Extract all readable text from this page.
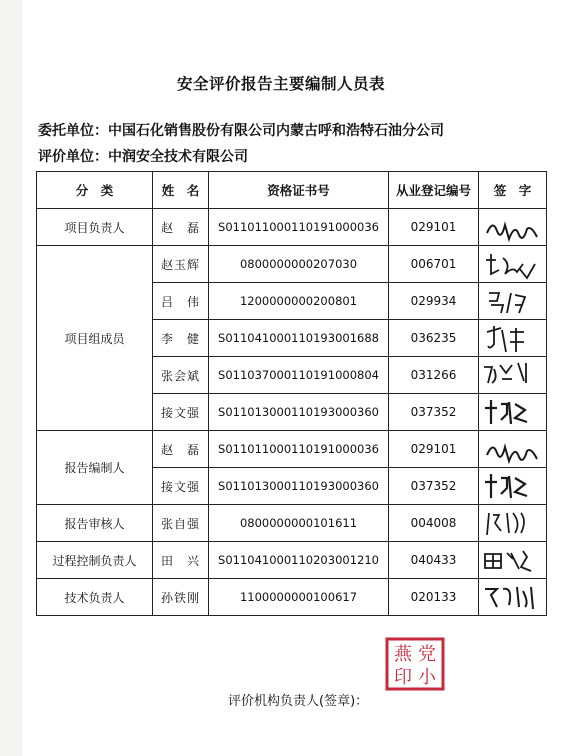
安全评价报告主要编制人员表
委托单位：中国石化销售股份有限公司内蒙古呼和浩特石油分公司
评价单位：中润安全技术有限公司
分　类	姓　名	资格证书号	从业登记编号	签　字
项目负责人	赵　磊	S011011000110191000036	029101	

项目组成员	赵玉辉	0800000000207030	006701	

	吕　伟	1200000000200801	029934	

	李　健	S011041000110193001688	036235	

	张会斌	S011037000110191000804	031266	

	接文强	S011013000110193000360	037352	

报告编制人	赵　磊	S011011000110191000036	029101	

	接文强	S011013000110193000360	037352	

报告审核人	张自强	0800000000101611	004008	

过程控制负责人	田　兴	S011041000110203001210	040433	

技术负责人	孙铁刚	1100000000100617	020133	
评价机构负责人(签章)：
燕 党
印 小
